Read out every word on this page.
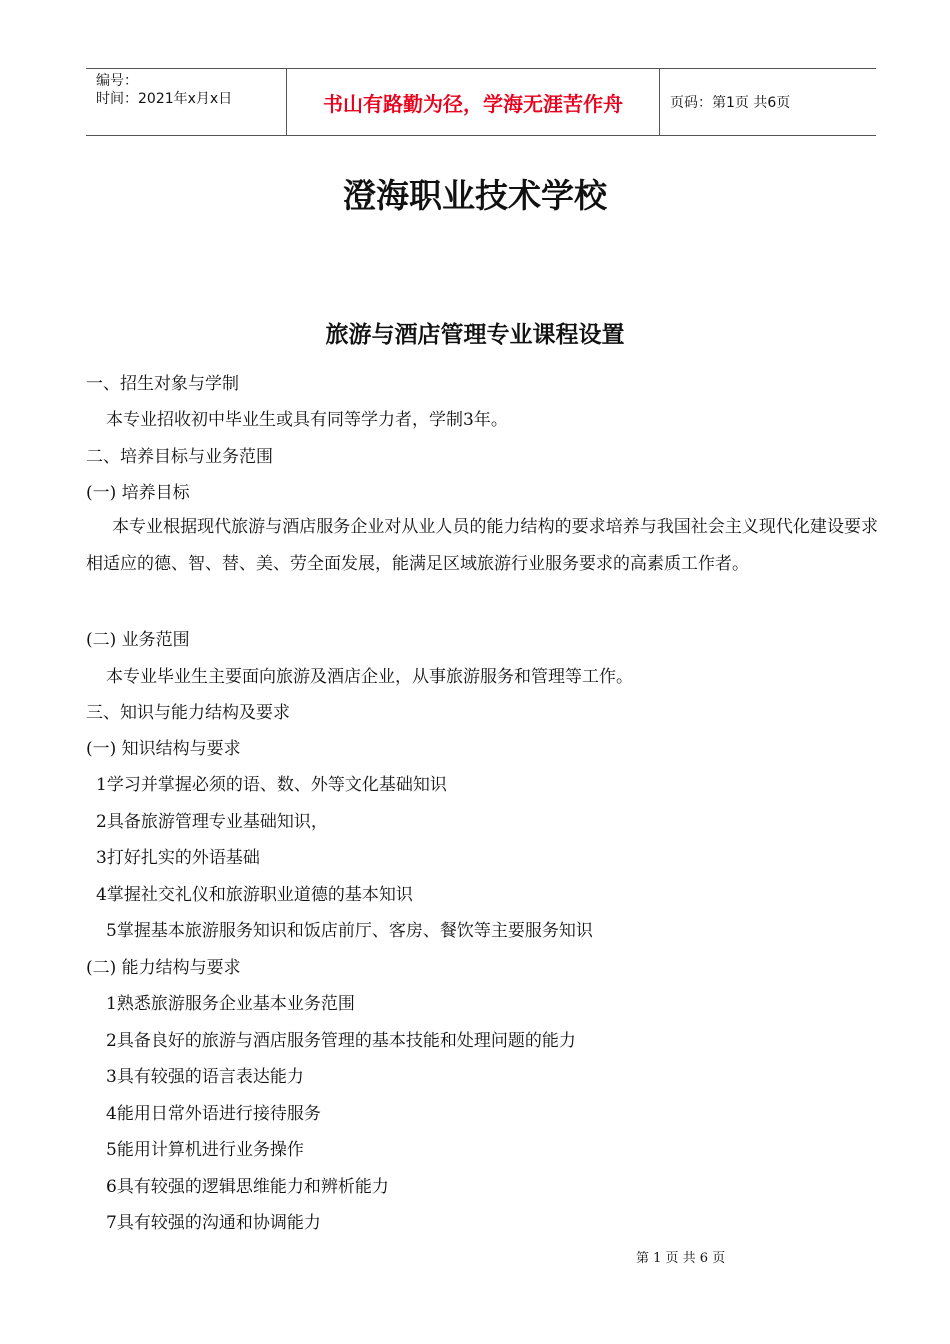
编号：
时间：2021年x月x日	书山有路勤为径，学海无涯苦作舟	页码：第1页 共6页
澄海职业技术学校
旅游与酒店管理专业课程设置
一、招生对象与学制
本专业招收初中毕业生或具有同等学力者，学制3年。
二、培养目标与业务范围
(一) 培养目标
本专业根据现代旅游与酒店服务企业对从业人员的能力结构的要求培养与我国社会主义现代化建设要求相适应的德、智、替、美、劳全面发展，能满足区域旅游行业服务要求的高素质工作者。
(二) 业务范围
本专业毕业生主要面向旅游及酒店企业，从事旅游服务和管理等工作。
三、知识与能力结构及要求
(一) 知识结构与要求
1学习并掌握必须的语、数、外等文化基础知识
2具备旅游管理专业基础知识，
3打好扎实的外语基础
4掌握社交礼仪和旅游职业道德的基本知识
5掌握基本旅游服务知识和饭店前厅、客房、餐饮等主要服务知识
(二) 能力结构与要求
1熟悉旅游服务企业基本业务范围
2具备良好的旅游与酒店服务管理的基本技能和处理问题的能力
3具有较强的语言表达能力
4能用日常外语进行接待服务
5能用计算机进行业务操作
6具有较强的逻辑思维能力和辨析能力
7具有较强的沟通和协调能力
第 1 页 共 6 页
